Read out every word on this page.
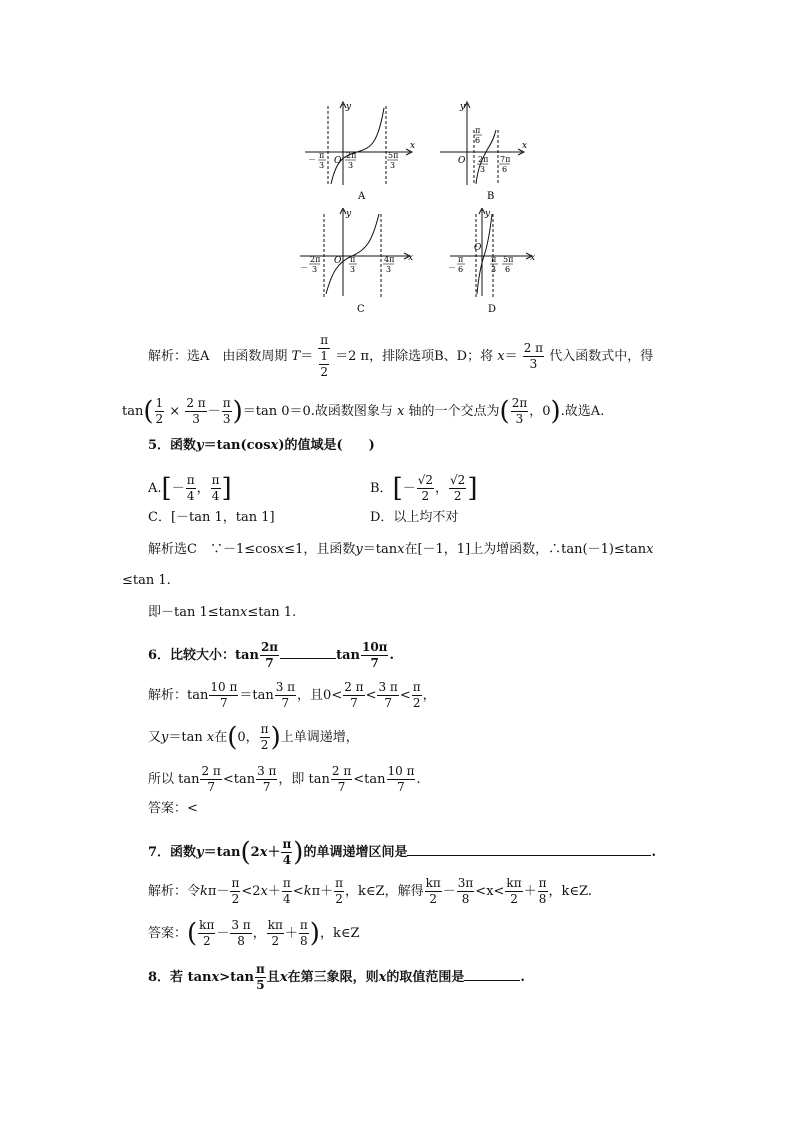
x
y
O
－ π
3
2π
3
5π
3
A
x
y
O
π
6
2π
3
7π
6
B
x
y
O
－
2π
3
π
3
4π
3
C
x
y
O
－
π
6
π
3
5π
6
D
解析：选A　由函数周期 $T= \frac{\pi}{\frac{1}{2}} =2$ π，排除选项B、D；将 $x= \frac{2 \pi}{3}$ 代入函数式中，得
$\tan( \frac{1}{2} \times \frac{2 \pi}{3} - \frac{\pi}{3} )=\tan$ 0＝0.故函数图象与 x 轴的一个交点为( $\frac{2\pi}{3}$ ，0).故选A.
5．函数y＝tan(cosx)的值域是(　　)
$A.[- \frac{\pi}{4}$ ， $\frac{\pi}{4}$ ]	B．[－ $\frac{√2}{2}$ ， $\frac{√2}{2}$ ]
C．[－tan 1，tan 1]	D．以上均不对
解析选C　∵－1≤cosx≤1，且函数y＝tanx在[－1，1]上为增函数，∴tan(－1)≤tanx
≤tan 1.
即－tan 1≤tanx≤tan 1.
6．比较大小：$\tan \frac{2\pi}{7}$	$\tan \frac{10\pi}{7}$ .
解析：$\tan \frac{10 \pi}{7} =\tan \frac{3 \pi}{7}$ ，且$0< \frac{2 \pi}{7} < \frac{3 \pi}{7} < \frac{\pi}{2}$ ，
又y＝tan x在(0， $\frac{\pi}{2}$ )上单调递增，
所以 $\tan \frac{2 \pi}{7} <\tan \frac{3 \pi}{7}$ ，即 $\tan \frac{2 \pi}{7} <\tan \frac{10 \pi}{7}$ .
答案：<
7．函数$y=\tan(2x+ \frac{\pi}{4}$ )的单调递增区间是	.
解析：令$k\pi- \frac{\pi}{2} <2x+ \frac{\pi}{4} <k\pi+ \frac{\pi}{2}$ ，k∈Z，解得 $\frac{k\pi}{2} - \frac{3\pi}{8} <x< \frac{k\pi}{2} + \frac{\pi}{8}$ ，k∈Z.
答案：( $\frac{k\pi}{2} - \frac{3 \pi}{8}$ ， $\frac{k\pi}{2} + \frac{\pi}{8}$ )，k∈Z
8．若 $\tan x>\tan \frac{\pi}{5}$ 且x在第三象限，则x的取值范围是	.
